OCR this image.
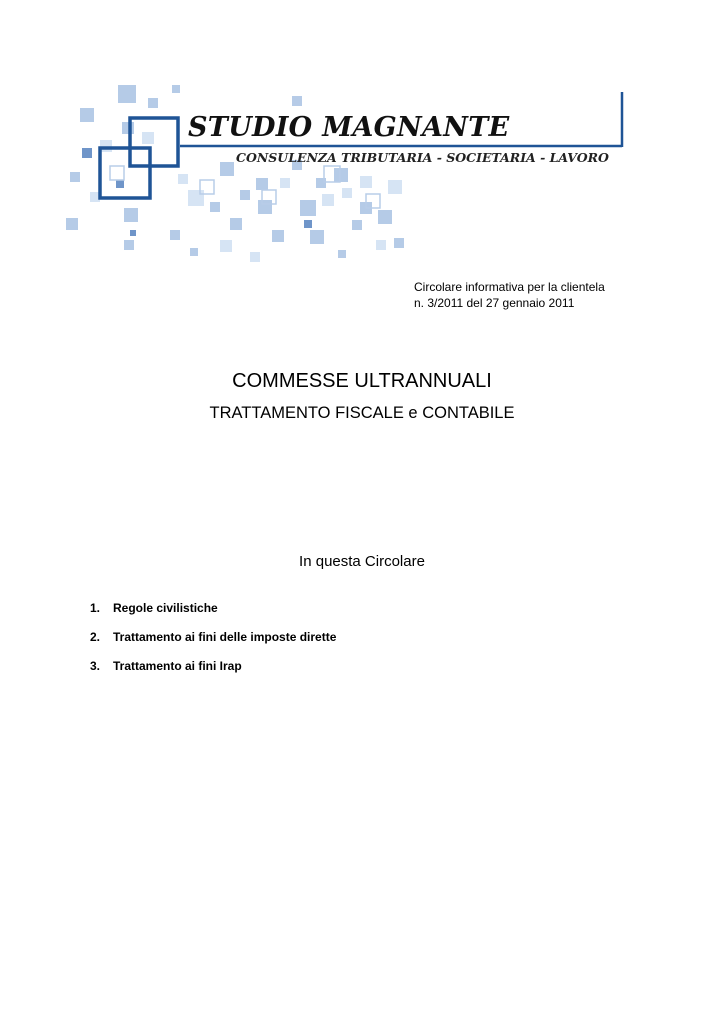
STUDIO MAGNANTE
CONSULENZA TRIBUTARIA - SOCIETARIA - LAVORO
Circolare informativa per la clientela
n. 3/2011 del 27 gennaio 2011
COMMESSE ULTRANNUALI
TRATTAMENTO FISCALE e CONTABILE
In questa Circolare
1.	Regole civilistiche
2.	Trattamento ai fini delle imposte dirette
3.	Trattamento ai fini Irap
